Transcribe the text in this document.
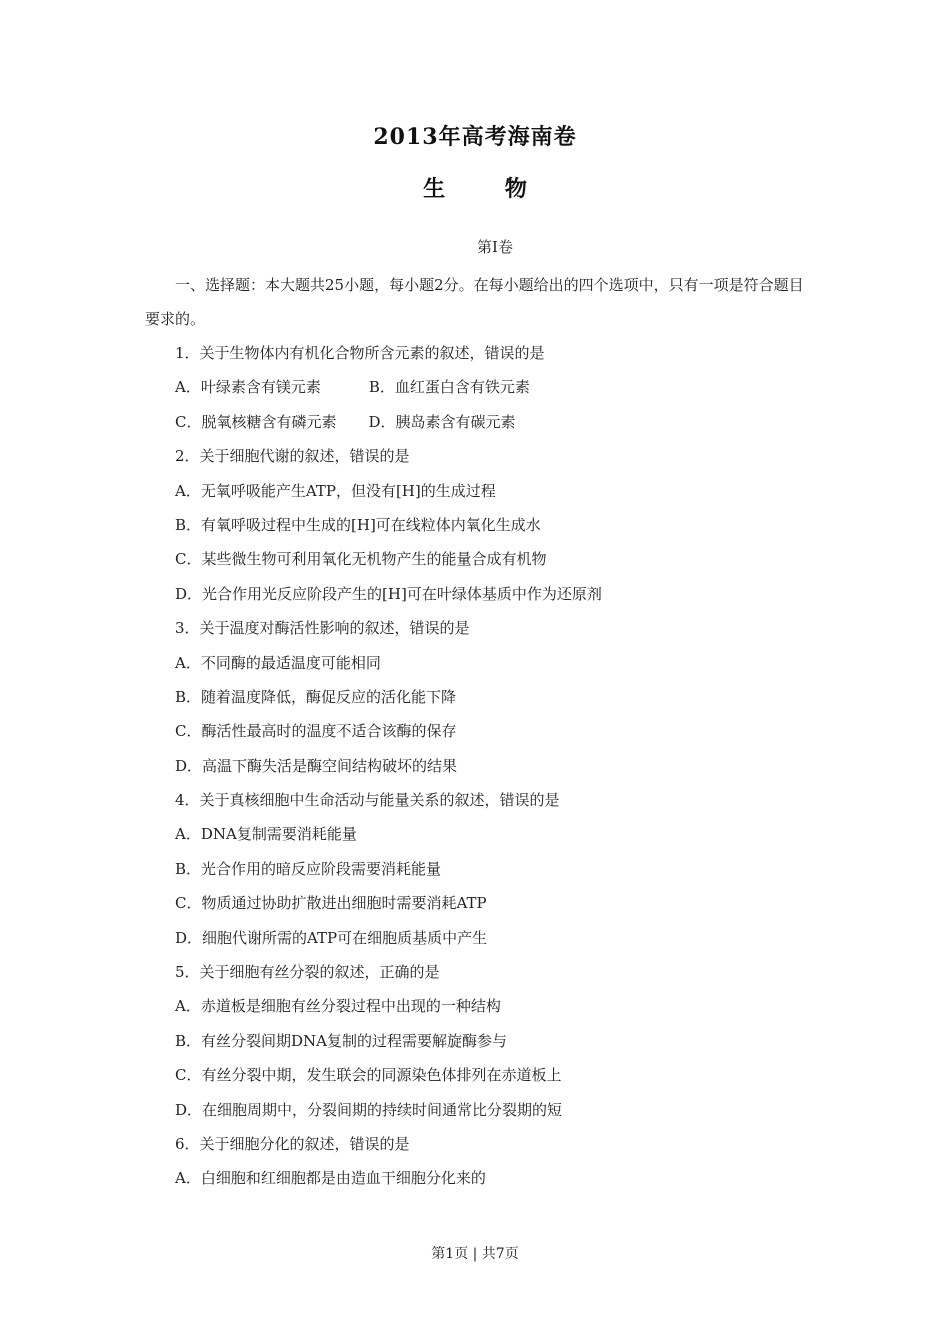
2013年高考海南卷
生 物
第Ⅰ卷
一、选择题：本大题共25小题，每小题2分。在每小题给出的四个选项中，只有一项是符合题目要求的。
1．关于生物体内有机化合物所含元素的叙述，错误的是
A．叶绿素含有镁元素	B．血红蛋白含有铁元素
C．脱氧核糖含有磷元素 D．胰岛素含有碳元素
2．关于细胞代谢的叙述，错误的是
A．无氧呼吸能产生ATP，但没有[H]的生成过程
B．有氧呼吸过程中生成的[H]可在线粒体内氧化生成水
C．某些微生物可利用氧化无机物产生的能量合成有机物
D．光合作用光反应阶段产生的[H]可在叶绿体基质中作为还原剂
3．关于温度对酶活性影响的叙述，错误的是
A．不同酶的最适温度可能相同
B．随着温度降低，酶促反应的活化能下降
C．酶活性最高时的温度不适合该酶的保存
D．高温下酶失活是酶空间结构破坏的结果
4．关于真核细胞中生命活动与能量关系的叙述，错误的是
A．DNA复制需要消耗能量
B．光合作用的暗反应阶段需要消耗能量
C．物质通过协助扩散进出细胞时需要消耗ATP
D．细胞代谢所需的ATP可在细胞质基质中产生
5．关于细胞有丝分裂的叙述，正确的是
A．赤道板是细胞有丝分裂过程中出现的一种结构
B．有丝分裂间期DNA复制的过程需要解旋酶参与
C．有丝分裂中期，发生联会的同源染色体排列在赤道板上
D．在细胞周期中，分裂间期的持续时间通常比分裂期的短
6．关于细胞分化的叙述，错误的是
A．白细胞和红细胞都是由造血干细胞分化来的
第1页 | 共7页
